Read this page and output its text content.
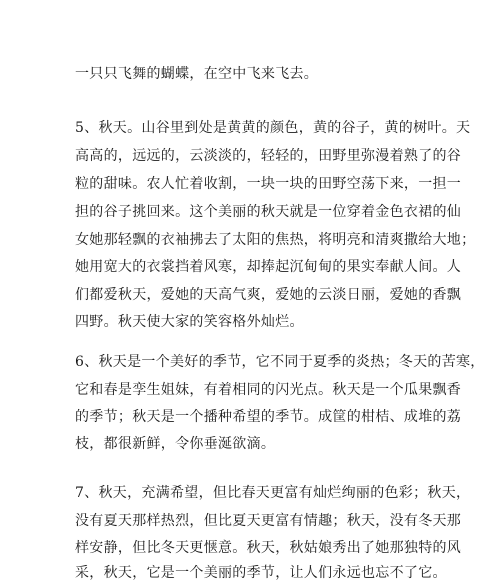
一只只飞舞的蝴蝶，在空中飞来飞去。
5、秋天。山谷里到处是黄黄的颜色，黄的谷子，黄的树叶。天
高高的，远远的，云淡淡的，轻轻的，田野里弥漫着熟了的谷
粒的甜味。农人忙着收割，一块一块的田野空荡下来，一担一
担的谷子挑回来。这个美丽的秋天就是一位穿着金色衣裙的仙
女她那轻飘的衣袖拂去了太阳的焦热，将明亮和清爽撒给大地；
她用宽大的衣裳挡着风寒，却捧起沉甸甸的果实奉献人间。人
们都爱秋天，爱她的天高气爽，爱她的云淡日丽，爱她的香飘
四野。秋天使大家的笑容格外灿烂。
6、秋天是一个美好的季节，它不同于夏季的炎热；冬天的苦寒，
它和春是孪生姐妹，有着相同的闪光点。秋天是一个瓜果飘香
的季节；秋天是一个播种希望的季节。成筐的柑桔、成堆的荔
枝，都很新鲜，令你垂涎欲滴。
7、秋天，充满希望，但比春天更富有灿烂绚丽的色彩；秋天，
没有夏天那样热烈，但比夏天更富有情趣；秋天，没有冬天那
样安静，但比冬天更惬意。秋天，秋姑娘秀出了她那独特的风
采，秋天，它是一个美丽的季节，让人们永远也忘不了它。
